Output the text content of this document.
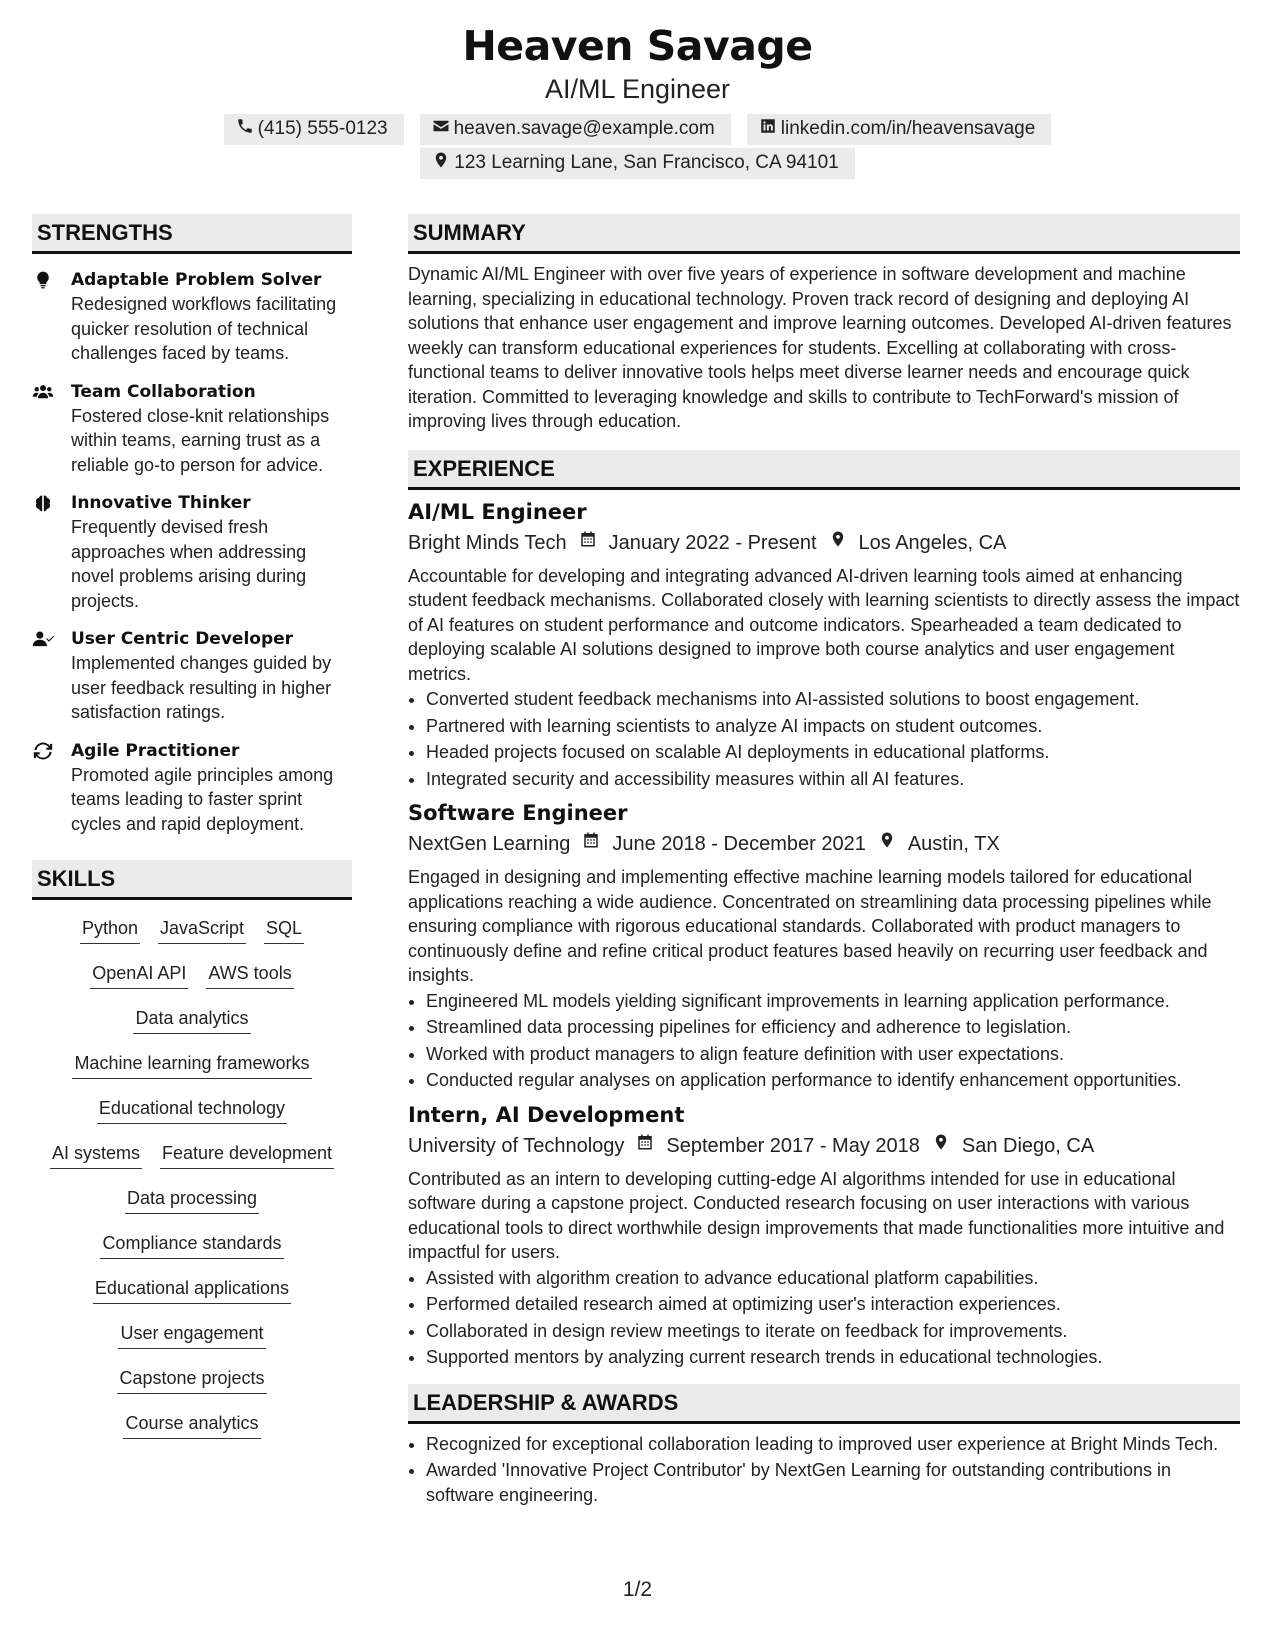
Heaven Savage
AI/ML Engineer
(415) 555-0123	heaven.savage@example.com	linkedin.com/in/heavensavage
123 Learning Lane, San Francisco, CA 94101
STRENGTHS
Adaptable Problem Solver
Redesigned workflows facilitating quicker resolution of technical challenges faced by teams.
Team Collaboration
Fostered close-knit relationships within teams, earning trust as a reliable go-to person for advice.
Innovative Thinker
Frequently devised fresh approaches when addressing novel problems arising during projects.
User Centric Developer
Implemented changes guided by user feedback resulting in higher satisfaction ratings.
Agile Practitioner
Promoted agile principles among teams leading to faster sprint cycles and rapid deployment.
SKILLS
Python JavaScript SQL
OpenAI API AWS tools
Data analytics
Machine learning frameworks
Educational technology
AI systems Feature development
Data processing
Compliance standards
Educational applications
User engagement
Capstone projects
Course analytics
SUMMARY
Dynamic AI/ML Engineer with over five years of experience in software development and machine learning, specializing in educational technology. Proven track record of designing and deploying AI solutions that enhance user engagement and improve learning outcomes. Developed AI-driven features weekly can transform educational experiences for students. Excelling at collaborating with cross-functional teams to deliver innovative tools helps meet diverse learner needs and encourage quick iteration. Committed to leveraging knowledge and skills to contribute to TechForward's mission of improving lives through education.
EXPERIENCE
AI/ML Engineer
Bright Minds Tech January 2022 - Present Los Angeles, CA
Accountable for developing and integrating advanced AI-driven learning tools aimed at enhancing student feedback mechanisms. Collaborated closely with learning scientists to directly assess the impact of AI features on student performance and outcome indicators. Spearheaded a team dedicated to deploying scalable AI solutions designed to improve both course analytics and user engagement metrics.
• Converted student feedback mechanisms into AI-assisted solutions to boost engagement.
• Partnered with learning scientists to analyze AI impacts on student outcomes.
• Headed projects focused on scalable AI deployments in educational platforms.
• Integrated security and accessibility measures within all AI features.
Software Engineer
NextGen Learning June 2018 - December 2021 Austin, TX
Engaged in designing and implementing effective machine learning models tailored for educational applications reaching a wide audience. Concentrated on streamlining data processing pipelines while ensuring compliance with rigorous educational standards. Collaborated with product managers to continuously define and refine critical product features based heavily on recurring user feedback and insights.
• Engineered ML models yielding significant improvements in learning application performance.
• Streamlined data processing pipelines for efficiency and adherence to legislation.
• Worked with product managers to align feature definition with user expectations.
• Conducted regular analyses on application performance to identify enhancement opportunities.
Intern, AI Development
University of Technology September 2017 - May 2018 San Diego, CA
Contributed as an intern to developing cutting-edge AI algorithms intended for use in educational software during a capstone project. Conducted research focusing on user interactions with various educational tools to direct worthwhile design improvements that made functionalities more intuitive and impactful for users.
• Assisted with algorithm creation to advance educational platform capabilities.
• Performed detailed research aimed at optimizing user's interaction experiences.
• Collaborated in design review meetings to iterate on feedback for improvements.
• Supported mentors by analyzing current research trends in educational technologies.
LEADERSHIP & AWARDS
• Recognized for exceptional collaboration leading to improved user experience at Bright Minds Tech.
• Awarded 'Innovative Project Contributor' by NextGen Learning for outstanding contributions in software engineering.
1/2
